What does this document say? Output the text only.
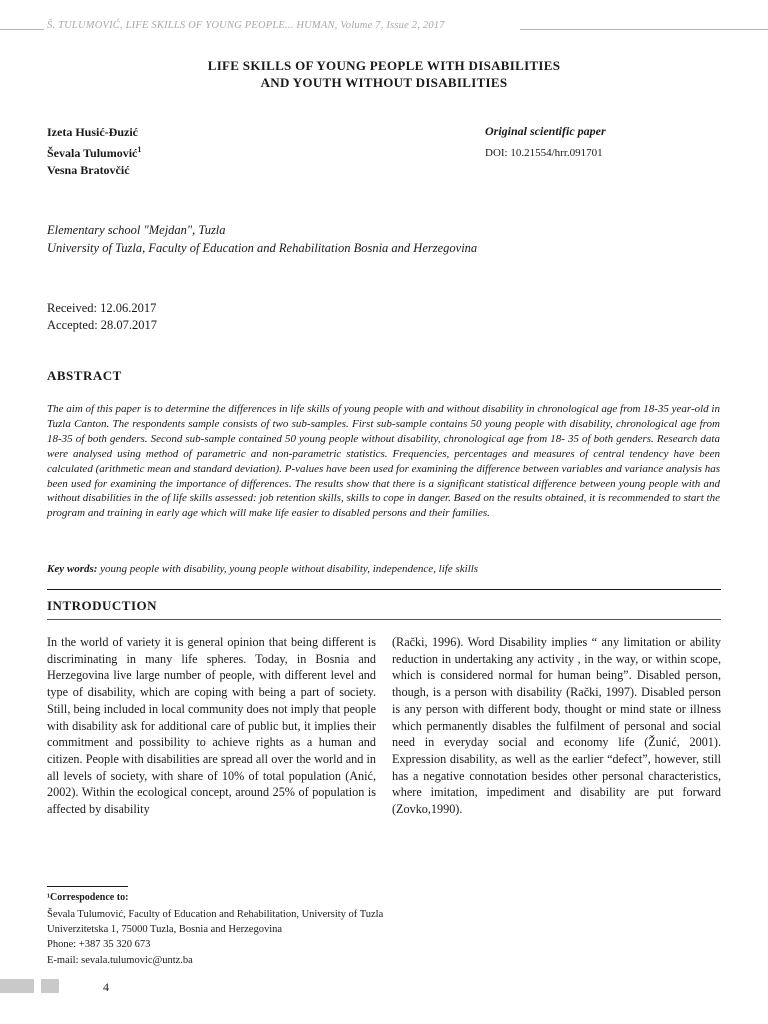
Š. TULUMOVIĆ, LIFE SKILLS OF YOUNG PEOPLE... HUMAN, Volume 7, Issue 2, 2017
LIFE SKILLS OF YOUNG PEOPLE WITH DISABILITIES
AND YOUTH WITHOUT DISABILITIES
Izeta Husić-Đuzić
Ševala Tulumović$^1$
Vesna Bratovčić
Original scientific paper
DOI: 10.21554/hrr.091701
Elementary school "Mejdan", Tuzla
University of Tuzla, Faculty of Education and Rehabilitation Bosnia and Herzegovina
Received: 12.06.2017
Accepted: 28.07.2017
ABSTRACT
The aim of this paper is to determine the differences in life skills of young people with and without disability in chronological age from 18-35 year-old in Tuzla Canton. The respondents sample consists of two sub-samples. First sub-sample contains 50 young people with disability, chronological age from 18-35 of both genders. Second sub-sample contained 50 young people without disability, chronological age from 18- 35 of both genders. Research data were analysed using method of parametric and non-parametric statistics. Frequencies, percentages and measures of central tendency have been calculated (arithmetic mean and standard deviation). P-values have been used for examining the difference between variables and variance analysis has been used for examining the importance of differences. The results show that there is a significant statistical difference between young people with and without disabilities in the of life skills assessed: job retention skills, skills to cope in danger. Based on the results obtained, it is recommended to start the program and training in early age which will make life easier to disabled persons and their families.
Key words: young people with disability, young people without disability, independence, life skills
INTRODUCTION
In the world of variety it is general opinion that being different is discriminating in many life spheres. Today, in Bosnia and Herzegovina live large number of people, with different level and type of disability, which are coping with being a part of society. Still, being included in local community does not imply that people with disability ask for additional care of public but, it implies their commitment and possibility to achieve rights as a human and citizen. People with disabilities are spread all over the world and in all levels of society, with share of 10% of total population (Anić, 2002). Within the ecological concept, around 25% of population is affected by disability
(Rački, 1996). Word Disability implies “ any limitation or ability reduction in undertaking any activity , in the way, or within scope, which is considered normal for human being”. Disabled person, though, is a person with disability (Rački, 1997). Disabled person is any person with different body, thought or mind state or illness which permanently disables the fulfilment of personal and social need in everyday social and economy life (Žunić, 2001). Expression disability, as well as the earlier “defect”, however, still has a negative connotation besides other personal characteristics, where imitation, impediment and disability are put forward (Zovko,1990).
¹Correspodence to:
Ševala Tulumović, Faculty of Education and Rehabilitation, University of Tuzla
Univerzitetska 1, 75000 Tuzla, Bosnia and Herzegovina
Phone: +387 35 320 673
E-mail: sevala.tulumovic@untz.ba
4
